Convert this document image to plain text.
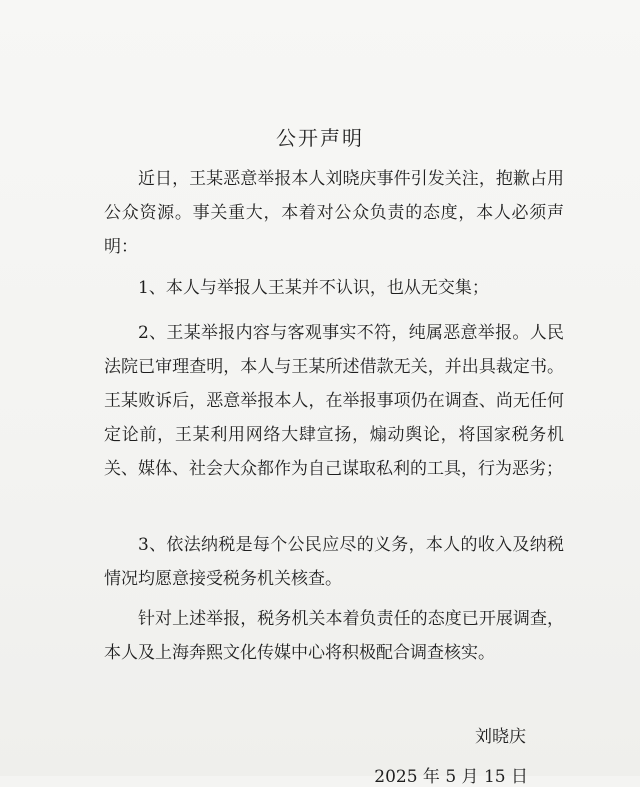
公开声明

近日，王某恶意举报本人刘晓庆事件引发关注，抱歉占用公众资源。事关重大，本着对公众负责的态度，本人必须声明：

1、本人与举报人王某并不认识，也从无交集；

2、王某举报内容与客观事实不符，纯属恶意举报。人民法院已审理查明，本人与王某所述借款无关，并出具裁定书。王某败诉后，恶意举报本人，在举报事项仍在调查、尚无任何定论前，王某利用网络大肆宣扬，煽动舆论，将国家税务机关、媒体、社会大众都作为自己谋取私利的工具，行为恶劣；

3、依法纳税是每个公民应尽的义务，本人的收入及纳税情况均愿意接受税务机关核查。

针对上述举报，税务机关本着负责任的态度已开展调查，本人及上海奔熙文化传媒中心将积极配合调查核实。

刘晓庆
2025 年 5 月 15 日
